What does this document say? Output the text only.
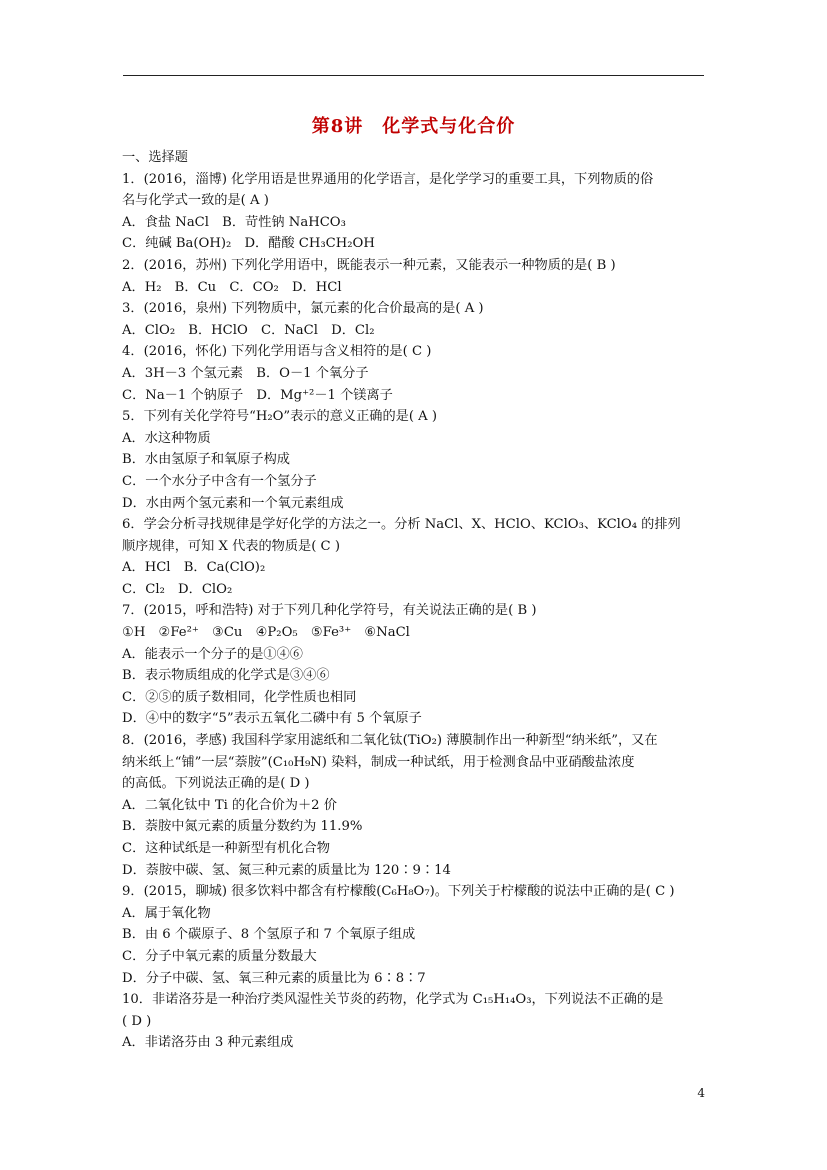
第8讲　化学式与化合价

一、选择题

1．(2016，淄博) 化学用语是世界通用的化学语言，是化学学习的重要工具，下列物质的俗

名与化学式一致的是( A )

A．食盐 NaCl　B．苛性钠 NaHCO₃

C．纯碱 Ba(OH)₂　D．醋酸 CH₃CH₂OH

2．(2016，苏州) 下列化学用语中，既能表示一种元素，又能表示一种物质的是( B )

A．H₂　B．Cu　C．CO₂　D．HCl

3．(2016，泉州) 下列物质中，氯元素的化合价最高的是( A )

A．ClO₂　B．HClO　C．NaCl　D．Cl₂

4．(2016，怀化) 下列化学用语与含义相符的是( C )

A．3H－3 个氢元素　B．O－1 个氧分子

C．Na－1 个钠原子　D．Mg⁺²－1 个镁离子

5．下列有关化学符号“H₂O”表示的意义正确的是( A )

A．水这种物质

B．水由氢原子和氧原子构成

C．一个水分子中含有一个氢分子

D．水由两个氢元素和一个氧元素组成

6．学会分析寻找规律是学好化学的方法之一。分析 NaCl、X、HClO、KClO₃、KClO₄ 的排列

顺序规律，可知 X 代表的物质是( C )

A．HCl　B．Ca(ClO)₂

C．Cl₂　D．ClO₂

7．(2015，呼和浩特) 对于下列几种化学符号，有关说法正确的是( B )

①H　②Fe²⁺　③Cu　④P₂O₅　⑤Fe³⁺　⑥NaCl

A．能表示一个分子的是①④⑥

B．表示物质组成的化学式是③④⑥

C．②⑤的质子数相同，化学性质也相同

D．④中的数字“5”表示五氧化二磷中有 5 个氧原子

8．(2016，孝感) 我国科学家用滤纸和二氧化钛(TiO₂) 薄膜制作出一种新型“纳米纸”，又在

纳米纸上“铺”一层“萘胺”(C₁₀H₉N) 染料，制成一种试纸，用于检测食品中亚硝酸盐浓度

的高低。下列说法正确的是( D )

A．二氧化钛中 Ti 的化合价为＋2 价

B．萘胺中氮元素的质量分数约为 11.9%

C．这种试纸是一种新型有机化合物

D．萘胺中碳、氢、氮三种元素的质量比为 120∶9∶14

9．(2015，聊城) 很多饮料中都含有柠檬酸(C₆H₈O₇)。下列关于柠檬酸的说法中正确的是( C )

A．属于氧化物

B．由 6 个碳原子、8 个氢原子和 7 个氧原子组成

C．分子中氧元素的质量分数最大

D．分子中碳、氢、氧三种元素的质量比为 6∶8∶7

10．非诺洛芬是一种治疗类风湿性关节炎的药物，化学式为 C₁₅H₁₄O₃，下列说法不正确的是

( D )

A．非诺洛芬由 3 种元素组成

4
